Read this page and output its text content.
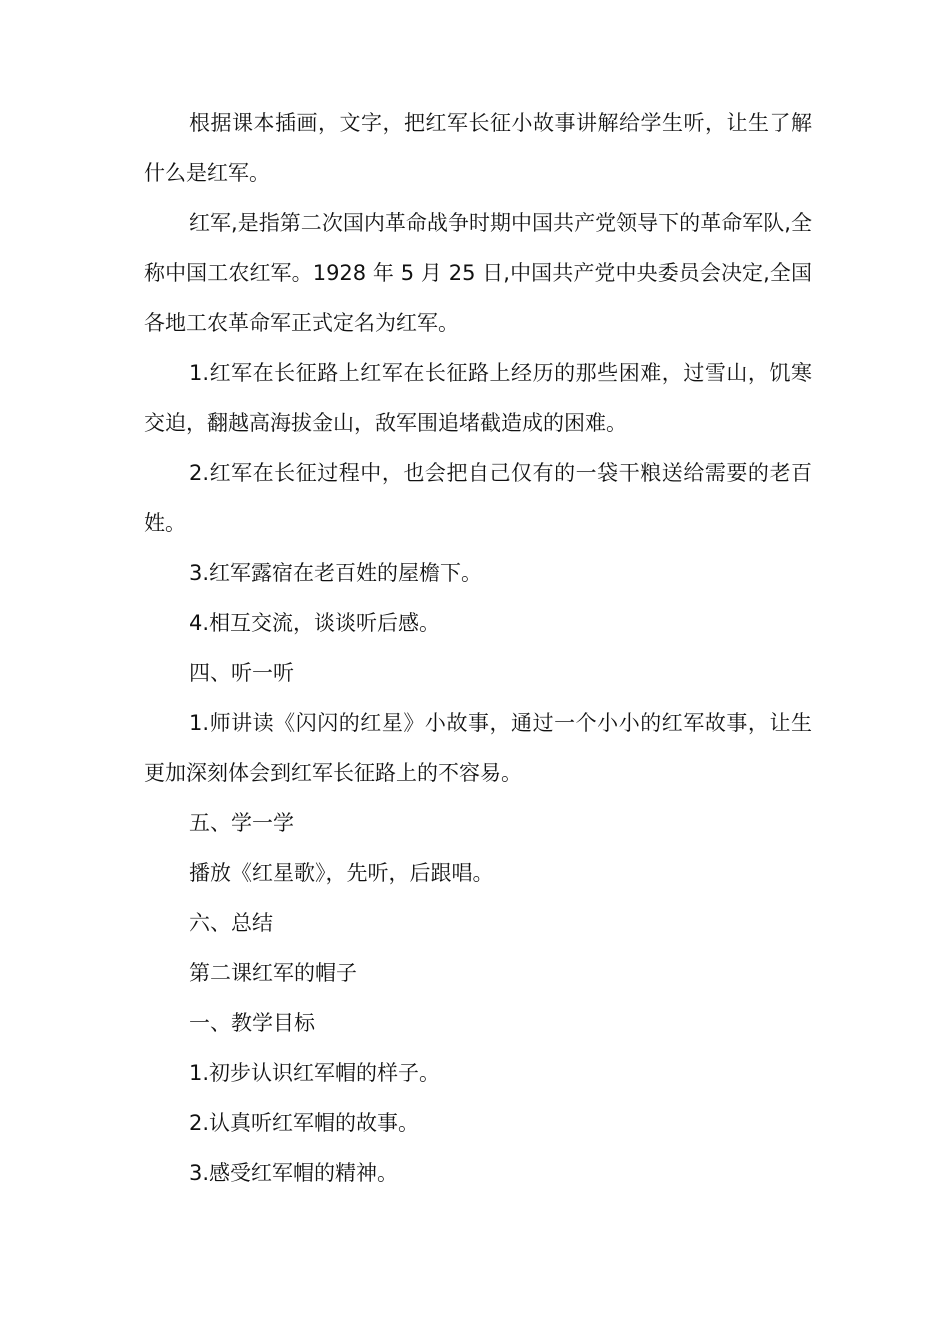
根据课本插画，文字，把红军长征小故事讲解给学生听，让生了解什么是红军。

红军,是指第二次国内革命战争时期中国共产党领导下的革命军队,全称中国工农红军。1928 年 5 月 25 日,中国共产党中央委员会决定,全国各地工农革命军正式定名为红军。

1.红军在长征路上红军在长征路上经历的那些困难，过雪山，饥寒交迫，翻越高海拔金山，敌军围追堵截造成的困难。

2.红军在长征过程中，也会把自己仅有的一袋干粮送给需要的老百姓。

3.红军露宿在老百姓的屋檐下。

4.相互交流，谈谈听后感。

四、听一听

1.师讲读《闪闪的红星》小故事，通过一个小小的红军故事，让生更加深刻体会到红军长征路上的不容易。

五、学一学

播放《红星歌》，先听，后跟唱。

六、总结

第二课红军的帽子

一、教学目标

1.初步认识红军帽的样子。

2.认真听红军帽的故事。

3.感受红军帽的精神。
